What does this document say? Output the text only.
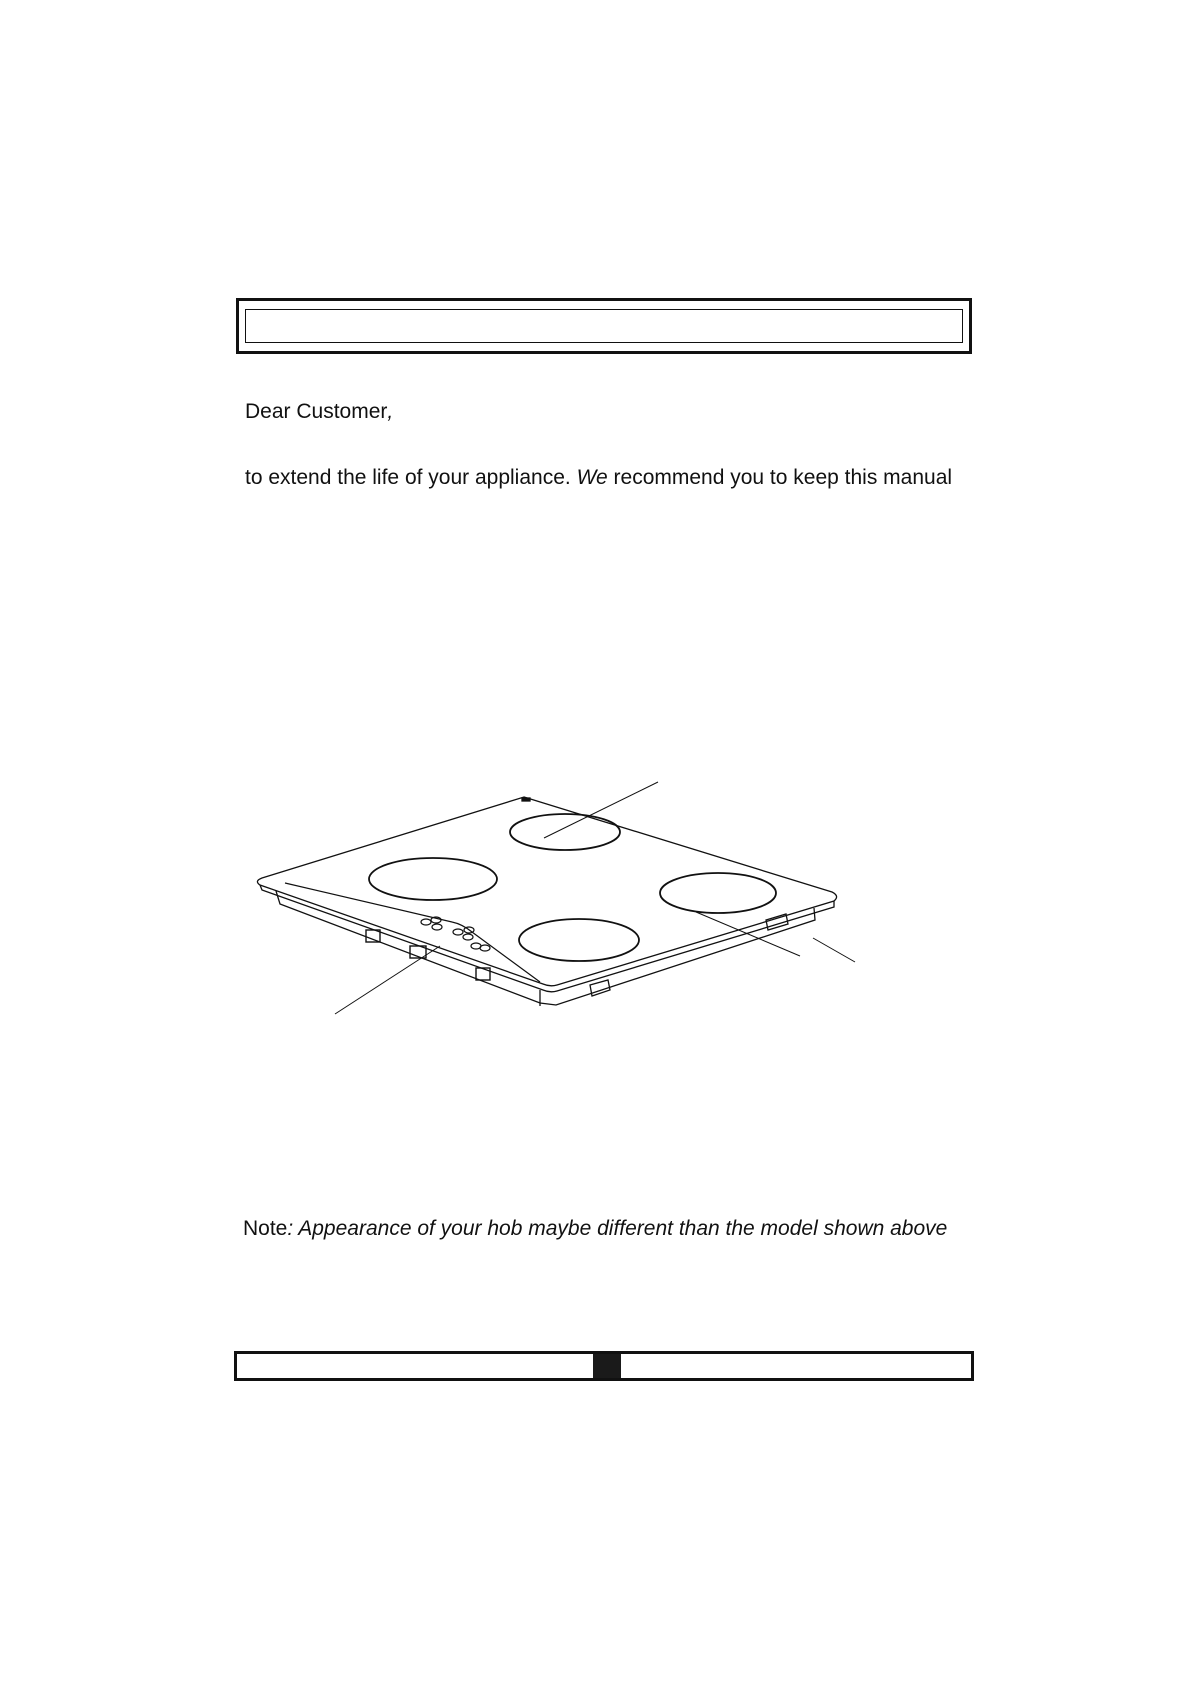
Dear Customer,
to extend the life of your appliance. We recommend you to keep this manual
Note: Appearance of your hob maybe different than the model shown above
